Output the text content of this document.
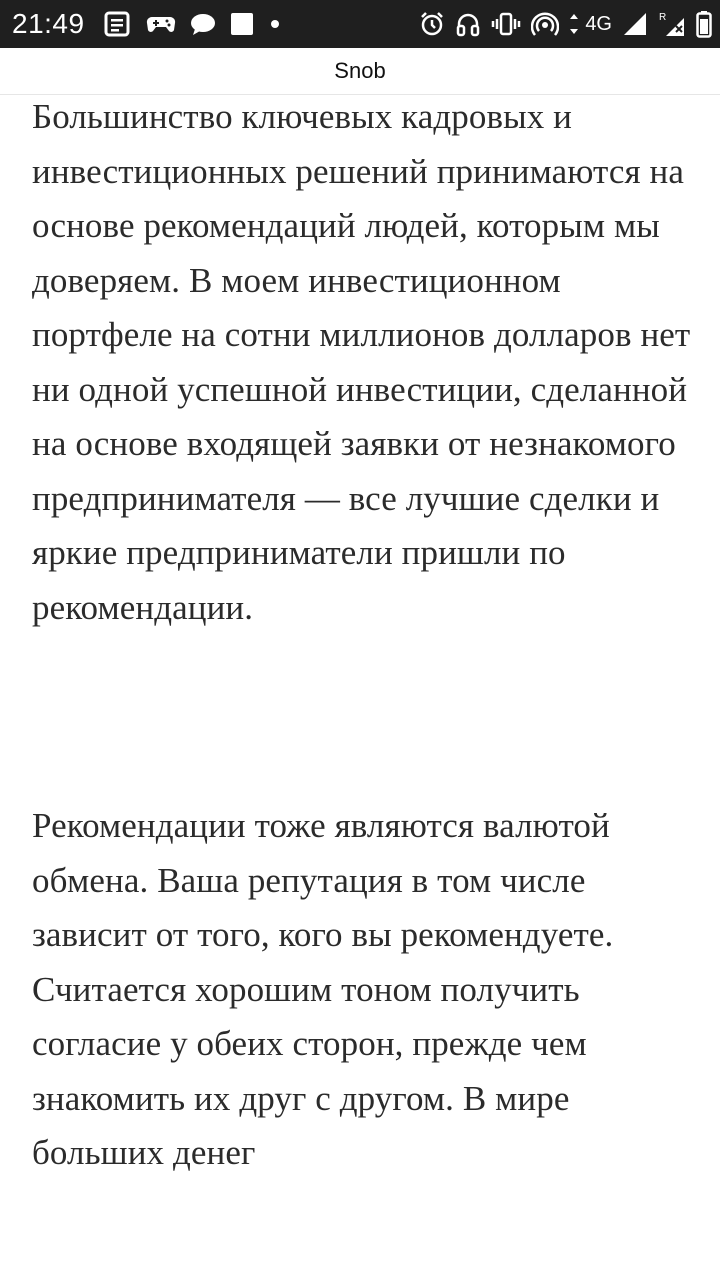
21:49	4G	R
Snob

Большинство ключевых кадровых и инвестиционных решений принимаются на основе рекомендаций людей, которым мы доверяем. В моем инвестиционном портфеле на сотни миллионов долларов нет ни одной успешной инвестиции, сделанной на основе входящей заявки от незнакомого предпринимателя — все лучшие сделки и яркие предприниматели пришли по рекомендации.

Рекомендации тоже являются валютой обмена. Ваша репутация в том числе зависит от того, кого вы рекомендуете. Считается хорошим тоном получить согласие у обеих сторон, прежде чем знакомить их друг с другом. В мире больших денег
